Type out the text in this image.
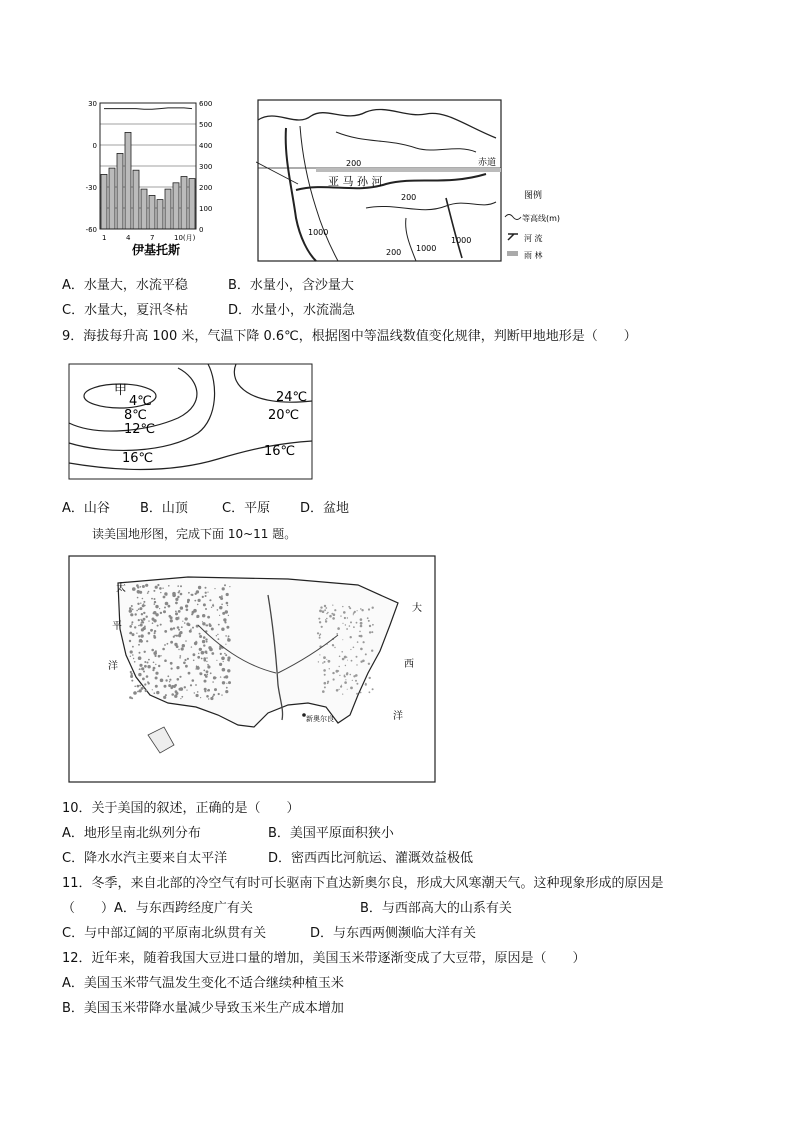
30
0
-30
-60
600
500
400
300
200
100
0
1	4	7	10(月)
伊基托斯
赤道
亚 马 孙 河
200
200
1000
200 1000
1000
图例
等高线(m)
河 流
雨 林
A．水量大，水流平稳	B．水量小，含沙量大
C．水量大，夏汛冬枯	D．水量小，水流湍急
9．海拔每升高 100 米，气温下降 0.6℃，根据图中等温线数值变化规律，判断甲地地形是（　　）
甲
4℃
8℃
12℃
16℃
24℃
20℃
16℃
A．山谷 B．山顶	C．平原 D．盆地
读美国地形图，完成下面 10~11 题。
太
平
洋
大
西
洋
新奥尔良
10．关于美国的叙述，正确的是（　　）
A．地形呈南北纵列分布	B．美国平原面积狭小
C．降水水汽主要来自太平洋	D．密西西比河航运、灌溉效益极低
11．冬季，来自北部的冷空气有时可长驱南下直达新奥尔良，形成大风寒潮天气。这种现象形成的原因是
（　　）A．与东西跨经度广有关	B．与西部高大的山系有关
C．与中部辽阔的平原南北纵贯有关	D．与东西两侧濒临大洋有关
12．近年来，随着我国大豆进口量的增加，美国玉米带逐渐变成了大豆带，原因是（　　）
A．美国玉米带气温发生变化不适合继续种植玉米
B．美国玉米带降水量减少导致玉米生产成本增加
